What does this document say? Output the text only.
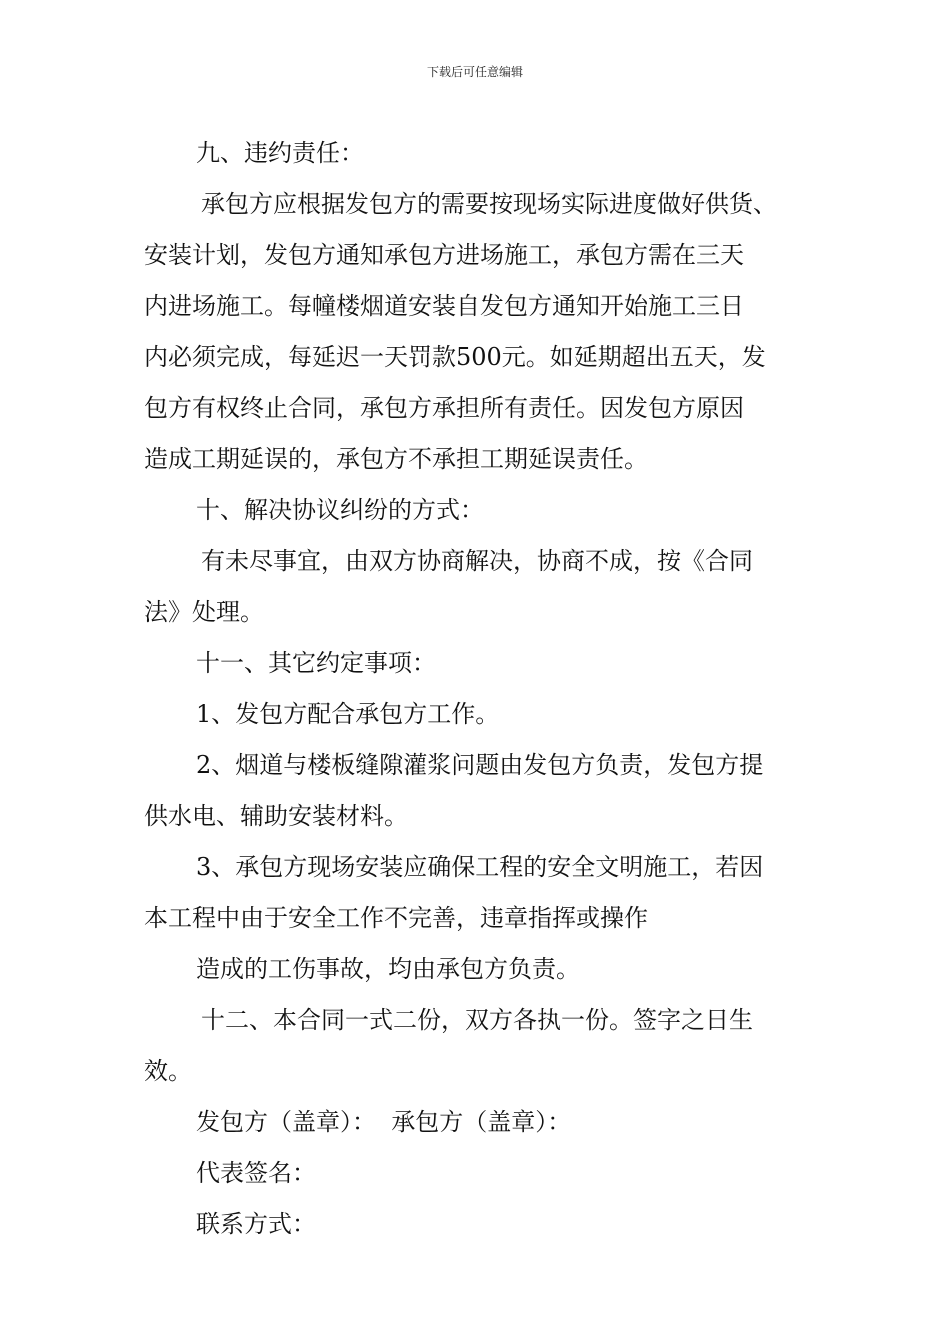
下载后可任意编辑
九、违约责任：
承包方应根据发包方的需要按现场实际进度做好供货、
安装计划，发包方通知承包方进场施工，承包方需在三天
内进场施工。每幢楼烟道安装自发包方通知开始施工三日
内必须完成，每延迟一天罚款500元。如延期超出五天，发
包方有权终止合同，承包方承担所有责任。因发包方原因
造成工期延误的，承包方不承担工期延误责任。
十、解决协议纠纷的方式：
有未尽事宜，由双方协商解决，协商不成，按《合同
法》处理。
十一、其它约定事项：
1、发包方配合承包方工作。
2、烟道与楼板缝隙灌浆问题由发包方负责，发包方提
供水电、辅助安装材料。
3、承包方现场安装应确保工程的安全文明施工，若因
本工程中由于安全工作不完善，违章指挥或操作
造成的工伤事故，均由承包方负责。
十二、本合同一式二份，双方各执一份。签字之日生
效。
发包方（盖章）：  承包方（盖章）：
代表签名：
联系方式：
